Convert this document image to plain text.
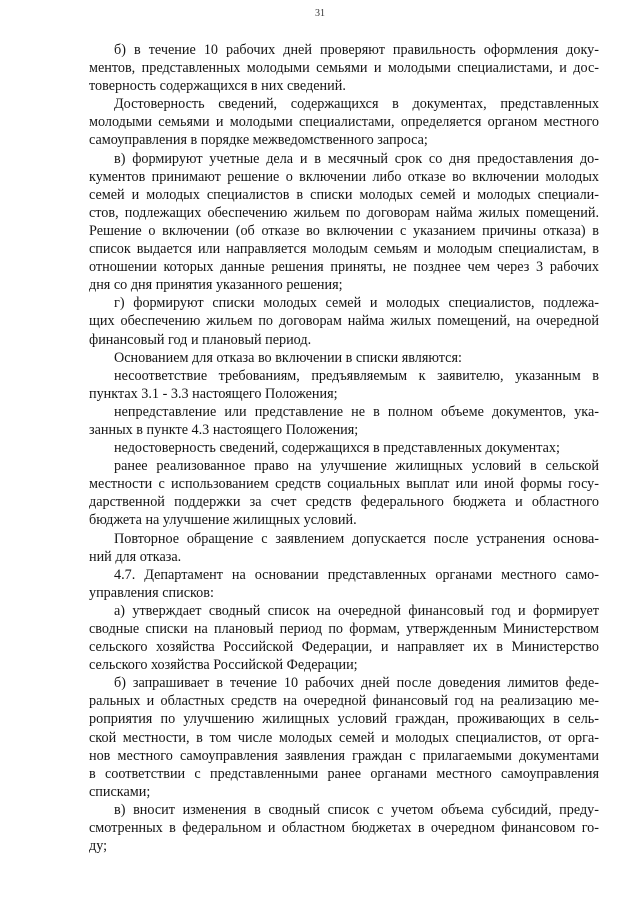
31
б) в течение 10 рабочих дней проверяют правильность оформления доку-
ментов, представленных молодыми семьями и молодыми специалистами, и дос-
товерность содержащихся в них сведений.
Достоверность сведений, содержащихся в документах, представленных
молодыми семьями и молодыми специалистами, определяется органом местного
самоуправления в порядке межведомственного запроса;
в) формируют учетные дела и в месячный срок со дня предоставления до-
кументов принимают решение о включении либо отказе во включении молодых
семей и молодых специалистов в списки молодых семей и молодых специали-
стов, подлежащих обеспечению жильем по договорам найма жилых помещений.
Решение о включении (об отказе во включении с указанием причины отказа) в
список выдается или направляется молодым семьям и молодым специалистам, в
отношении которых данные решения приняты, не позднее чем через 3 рабочих
дня со дня принятия указанного решения;
г) формируют списки молодых семей и молодых специалистов, подлежа-
щих обеспечению жильем по договорам найма жилых помещений, на очередной
финансовый год и плановый период.
Основанием для отказа во включении в списки являются:
несоответствие требованиям, предъявляемым к заявителю, указанным в
пунктах 3.1 - 3.3 настоящего Положения;
непредставление или представление не в полном объеме документов, ука-
занных в пункте 4.3 настоящего Положения;
недостоверность сведений, содержащихся в представленных документах;
ранее реализованное право на улучшение жилищных условий в сельской
местности с использованием средств социальных выплат или иной формы госу-
дарственной поддержки за счет средств федерального бюджета и областного
бюджета на улучшение жилищных условий.
Повторное обращение с заявлением допускается после устранения основа-
ний для отказа.
4.7. Департамент на основании представленных органами местного само-
управления списков:
а) утверждает сводный список на очередной финансовый год и формирует
сводные списки на плановый период по формам, утвержденным Министерством
сельского хозяйства Российской Федерации, и направляет их в Министерство
сельского хозяйства Российской Федерации;
б) запрашивает в течение 10 рабочих дней после доведения лимитов феде-
ральных и областных средств на очередной финансовый год на реализацию ме-
роприятия по улучшению жилищных условий граждан, проживающих в сель-
ской местности, в том числе молодых семей и молодых специалистов, от орга-
нов местного самоуправления заявления граждан с прилагаемыми документами
в соответствии с представленными ранее органами местного самоуправления
списками;
в) вносит изменения в сводный список с учетом объема субсидий, преду-
смотренных в федеральном и областном бюджетах в очередном финансовом го-
ду;
